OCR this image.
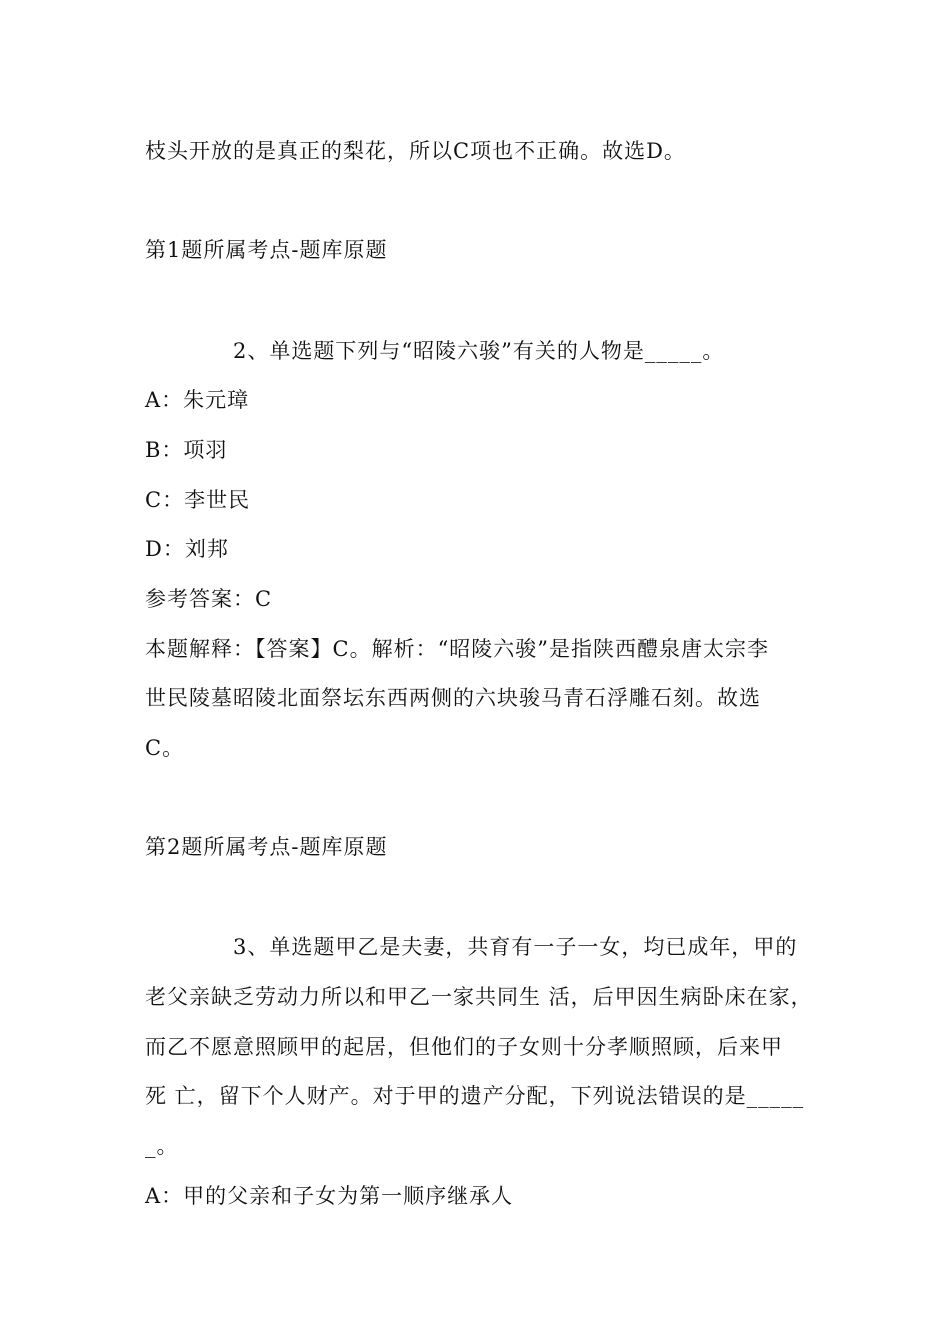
枝头开放的是真正的梨花，所以C项也不正确。故选D。
第1题所属考点-题库原题
2、单选题下列与“昭陵六骏”有关的人物是_____。
A：朱元璋
B：项羽
C：李世民
D：刘邦
参考答案：C
本题解释：【答案】C。解析：“昭陵六骏”是指陕西醴泉唐太宗李
世民陵墓昭陵北面祭坛东西两侧的六块骏马青石浮雕石刻。故选
C。
第2题所属考点-题库原题
3、单选题甲乙是夫妻，共育有一子一女，均已成年，甲的
老父亲缺乏劳动力所以和甲乙一家共同生 活，后甲因生病卧床在家，
而乙不愿意照顾甲的起居，但他们的子女则十分孝顺照顾，后来甲
死 亡，留下个人财产。对于甲的遗产分配，下列说法错误的是_____
_。
A：甲的父亲和子女为第一顺序继承人
